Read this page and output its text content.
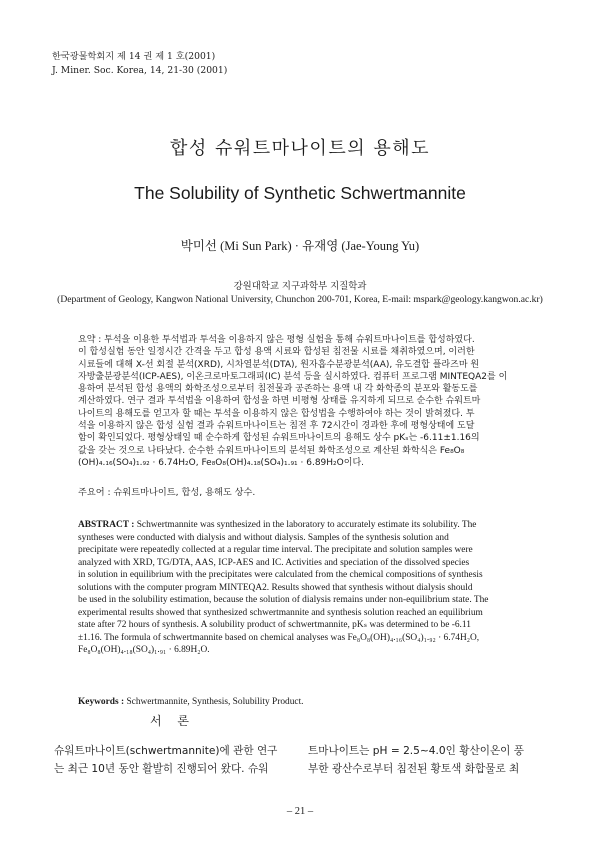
한국광물학회지 제 14 권 제 1 호(2001)
J. Miner. Soc. Korea, 14, 21-30 (2001)
합성 슈워트마나이트의 용해도
The Solubility of Synthetic Schwertmannite
박미선 (Mi Sun Park) · 유재영 (Jae-Young Yu)
강원대학교 지구과학부 지질학과
(Department of Geology, Kangwon National University, Chunchon 200-701, Korea, E-mail: mspark@geology.kangwon.ac.kr)
요약 : 투석을 이용한 투석법과 투석을 이용하지 않은 평형 실험을 통해 슈워트마나이트를 합성하였다.
이 합성실험 동안 일정시간 간격을 두고 합성 용액 시료와 합성된 침전물 시료를 채취하였으며, 이러한
시료들에 대해 X-선 회절 분석(XRD), 시차열분석(DTA), 원자흡수분광분석(AA), 유도결합 플라즈마 원
자방출분광분석(ICP-AES), 이온크로마토그래피(IC) 분석 등을 실시하였다. 컴퓨터 프로그램 MINTEQA2를 이
용하여 분석된 합성 용액의 화학조성으로부터 침전물과 공존하는 용액 내 각 화학종의 분포와 활동도를
계산하였다. 연구 결과 투석법을 이용하여 합성을 하면 비평형 상태를 유지하게 되므로 순수한 슈워트마
나이트의 용해도를 얻고자 할 때는 투석을 이용하지 않은 합성법을 수행하여야 하는 것이 밝혀졌다. 투
석을 이용하지 않은 합성 실험 결과 슈워트마나이트는 침전 후 72시간이 경과한 후에 평형상태에 도달
함이 확인되었다. 평형상태일 때 순수하게 합성된 슈워트마나이트의 용해도 상수 pKₛ는 -6.11±1.16의
값을 갖는 것으로 나타났다. 순수한 슈워트마나이트의 분석된 화학조성으로 계산된 화학식은 Fe₈O₈
(OH)₄.₁₆(SO₄)₁.₉₂ · 6.74H₂O, Fe₈O₈(OH)₄.₁₈(SO₄)₁.₉₁ · 6.89H₂O이다.
주요어 : 슈워트마나이트, 합성, 용해도 상수.
ABSTRACT : Schwertmannite was synthesized in the laboratory to accurately estimate its solubility. The
syntheses were conducted with dialysis and without dialysis. Samples of the synthesis solution and
precipitate were repeatedly collected at a regular time interval. The precipitate and solution samples were
analyzed with XRD, TG/DTA, AAS, ICP-AES and IC. Activities and speciation of the dissolved species
in solution in equilibrium with the precipitates were calculated from the chemical compositions of synthesis
solutions with the computer program MINTEQA2. Results showed that synthesis without dialysis should
be used in the solubility estimation, because the solution of dialysis remains under non-equilibrium state. The
experimental results showed that synthesized schwertmannite and synthesis solution reached an equilibrium
state after 72 hours of synthesis. A solubility product of schwertmannite, pKₛ was determined to be -6.11
±1.16. The formula of schwertmannite based on chemical analyses was Fe₈O₈(OH)₄.₁₆(SO₄)₁.₉₂ · 6.74H₂O,
Fe₈O₈(OH)₄.₁₈(SO₄)₁.₉₁ · 6.89H₂O.
Keywords : Schwertmannite, Synthesis, Solubility Product.
서 론
슈워트마나이트(schwertmannite)에 관한 연구
는 최근 10년 동안 활발히 진행되어 왔다. 슈워
트마나이트는 pH = 2.5∼4.0인 황산이온이 풍
부한 광산수로부터 침전된 황토색 화합물로 최
– 21 –
